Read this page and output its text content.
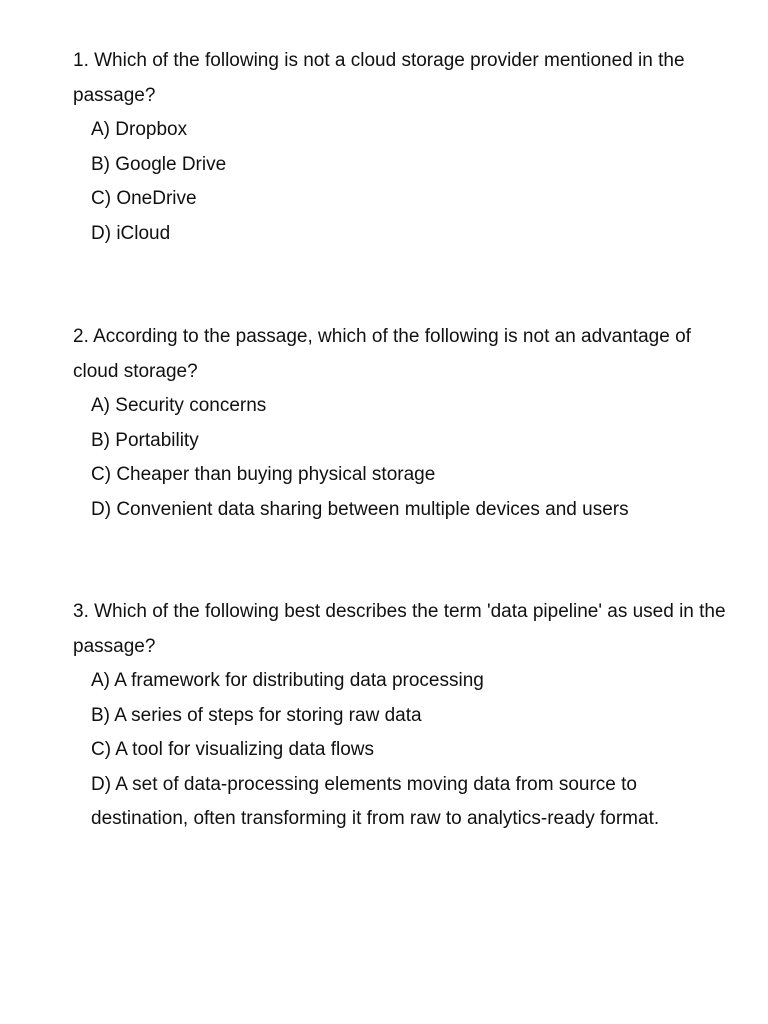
1. Which of the following is not a cloud storage provider mentioned in the passage?

A) Dropbox
B) Google Drive
C) OneDrive
D) iCloud

2. According to the passage, which of the following is not an advantage of cloud storage?

A) Security concerns
B) Portability
C) Cheaper than buying physical storage
D) Convenient data sharing between multiple devices and users

3. Which of the following best describes the term 'data pipeline' as used in the passage?

A) A framework for distributing data processing
B) A series of steps for storing raw data
C) A tool for visualizing data flows
D) A set of data-processing elements moving data from source to destination, often transforming it from raw to analytics-ready format.
